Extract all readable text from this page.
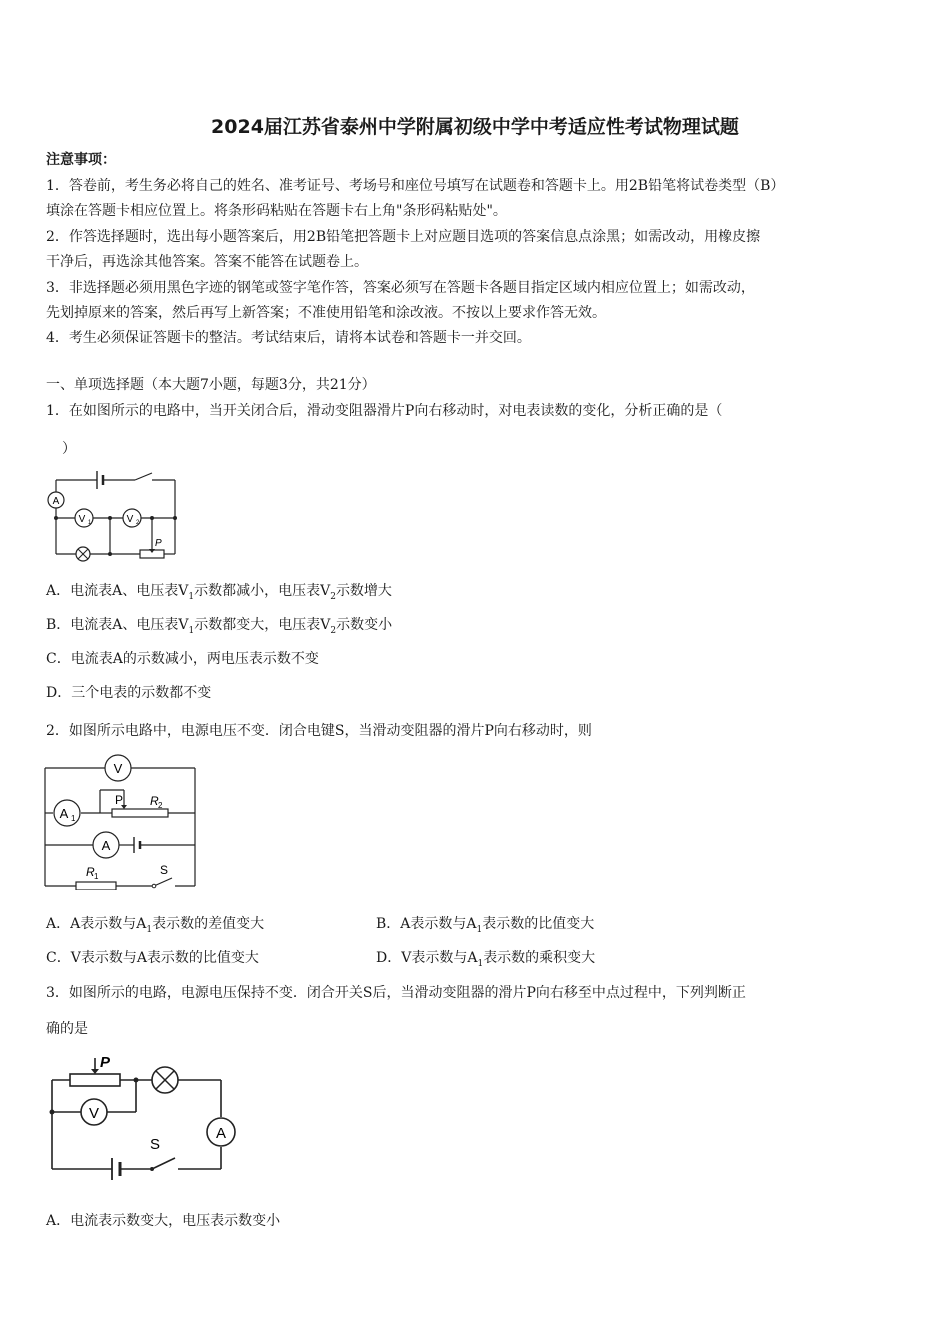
2024届江苏省泰州中学附属初级中学中考适应性考试物理试题
注意事项：
1．答卷前，考生务必将自己的姓名、准考证号、考场号和座位号填写在试题卷和答题卡上。用2B铅笔将试卷类型（B）
填涂在答题卡相应位置上。将条形码粘贴在答题卡右上角"条形码粘贴处"。
2．作答选择题时，选出每小题答案后，用2B铅笔把答题卡上对应题目选项的答案信息点涂黑；如需改动，用橡皮擦
干净后，再选涂其他答案。答案不能答在试题卷上。
3．非选择题必须用黑色字迹的钢笔或签字笔作答，答案必须写在答题卡各题目指定区域内相应位置上；如需改动，
先划掉原来的答案，然后再写上新答案；不准使用铅笔和涂改液。不按以上要求作答无效。
4．考生必须保证答题卡的整洁。考试结束后，请将本试卷和答题卡一并交回。
一、单项选择题（本大题7小题，每题3分，共21分）
1．在如图所示的电路中，当开关闭合后，滑动变阻器滑片P向右移动时，对电表读数的变化，分析正确的是（
）
A
V 1	V 2
P
A．电流表A、电压表$V_1$示数都减小，电压表$V_2$示数增大
B．电流表A、电压表$V_1$示数都变大，电压表$V_2$示数变小
C．电流表A的示数减小，两电压表示数不变
D．三个电表的示数都不变
2．如图所示电路中，电源电压不变．闭合电键S，当滑动变阻器的滑片P向右移动时，则
V
A 1
P R 2
A
R 1	S
A．A表示数与$A_1$表示数的差值变大	B．A表示数与$A_1$表示数的比值变大
C．V表示数与A表示数的比值变大	D．V表示数与$A_1$表示数的乘积变大
3．如图所示的电路，电源电压保持不变．闭合开关S后，当滑动变阻器的滑片P向右移至中点过程中，下列判断正
确的是
P
V
A
S
A．电流表示数变大，电压表示数变小
